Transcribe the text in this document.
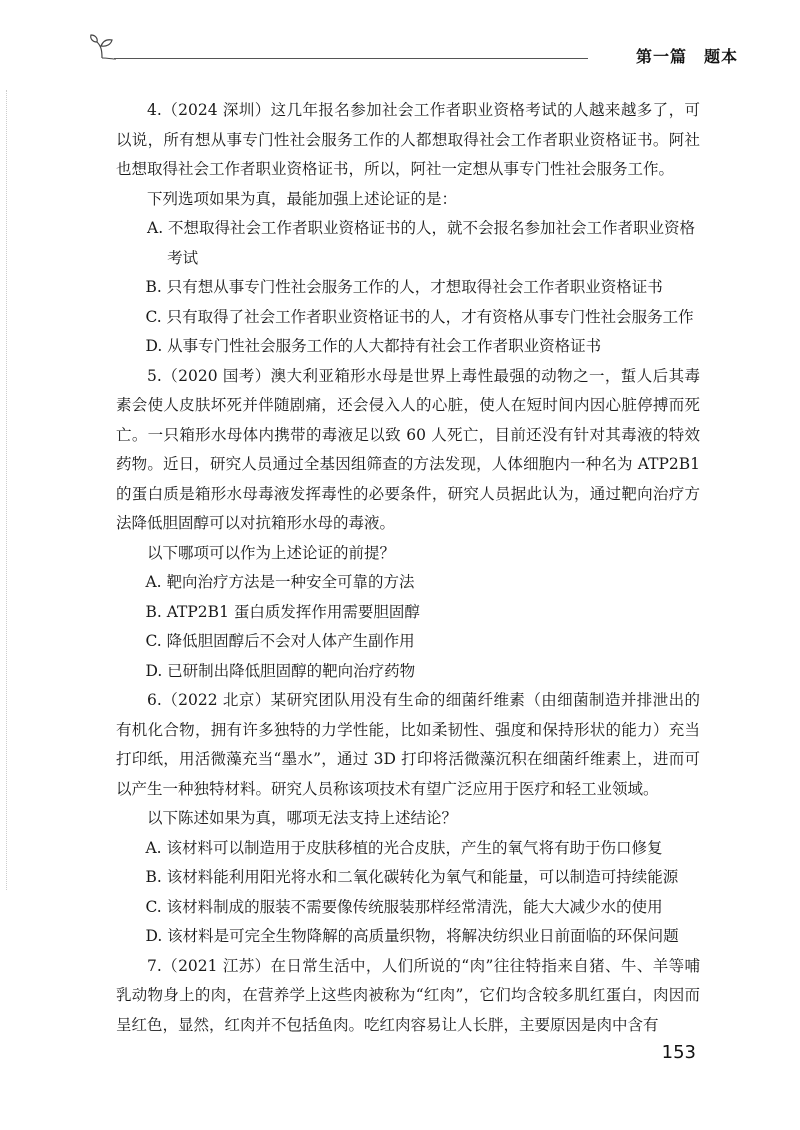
第一篇　题本

4.（2024 深圳）这几年报名参加社会工作者职业资格考试的人越来越多了，可以说，所有想从事专门性社会服务工作的人都想取得社会工作者职业资格证书。阿社也想取得社会工作者职业资格证书，所以，阿社一定想从事专门性社会服务工作。

下列选项如果为真，最能加强上述论证的是：

A. 不想取得社会工作者职业资格证书的人，就不会报名参加社会工作者职业资格考试

B. 只有想从事专门性社会服务工作的人，才想取得社会工作者职业资格证书

C. 只有取得了社会工作者职业资格证书的人，才有资格从事专门性社会服务工作

D. 从事专门性社会服务工作的人大都持有社会工作者职业资格证书

5.（2020 国考）澳大利亚箱形水母是世界上毒性最强的动物之一，蜇人后其毒素会使人皮肤坏死并伴随剧痛，还会侵入人的心脏，使人在短时间内因心脏停搏而死亡。一只箱形水母体内携带的毒液足以致 60 人死亡，目前还没有针对其毒液的特效药物。近日，研究人员通过全基因组筛查的方法发现，人体细胞内一种名为 ATP2B1 的蛋白质是箱形水母毒液发挥毒性的必要条件，研究人员据此认为，通过靶向治疗方法降低胆固醇可以对抗箱形水母的毒液。

以下哪项可以作为上述论证的前提？

A. 靶向治疗方法是一种安全可靠的方法

B. ATP2B1 蛋白质发挥作用需要胆固醇

C. 降低胆固醇后不会对人体产生副作用

D. 已研制出降低胆固醇的靶向治疗药物

6.（2022 北京）某研究团队用没有生命的细菌纤维素（由细菌制造并排泄出的有机化合物，拥有许多独特的力学性能，比如柔韧性、强度和保持形状的能力）充当打印纸，用活微藻充当“墨水”，通过 3D 打印将活微藻沉积在细菌纤维素上，进而可以产生一种独特材料。研究人员称该项技术有望广泛应用于医疗和轻工业领域。

以下陈述如果为真，哪项无法支持上述结论？

A. 该材料可以制造用于皮肤移植的光合皮肤，产生的氧气将有助于伤口修复

B. 该材料能利用阳光将水和二氧化碳转化为氧气和能量，可以制造可持续能源

C. 该材料制成的服装不需要像传统服装那样经常清洗，能大大减少水的使用

D. 该材料是可完全生物降解的高质量织物，将解决纺织业日前面临的环保问题

7.（2021 江苏）在日常生活中，人们所说的“肉”往往特指来自猪、牛、羊等哺乳动物身上的肉，在营养学上这些肉被称为“红肉”，它们均含较多肌红蛋白，肉因而呈红色，显然，红肉并不包括鱼肉。吃红肉容易让人长胖，主要原因是肉中含有

153
